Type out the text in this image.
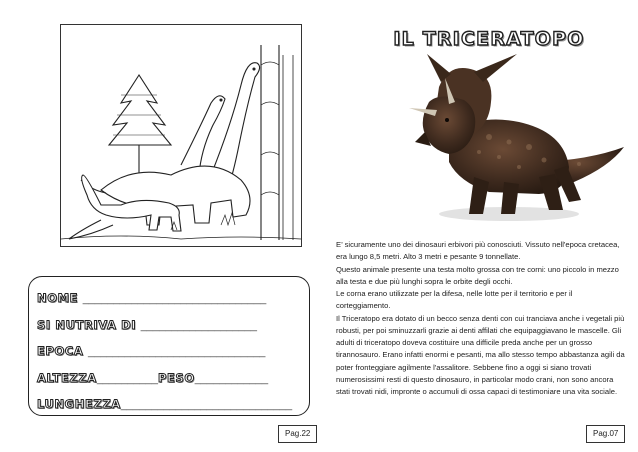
NOME ______________________________
SI NUTRIVA DI ___________________
EPOCA _____________________________
ALTEZZA__________PESO____________
LUNGHEZZA____________________________
Pag.22
IL TRICERATOPO

E’ sicuramente uno dei dinosauri erbivori più conosciuti. Vissuto nell'epoca cretacea, era lungo 8,5 metri. Alto 3 metri e pesante 9 tonnellate.

Questo animale presente una testa molto grossa con tre corni: uno piccolo in mezzo alla testa e due più lunghi sopra le orbite degli occhi.

Le corna erano utilizzate per la difesa, nelle lotte per il territorio e per il corteggiamento.

Il Triceratopo era dotato di un becco senza denti con cui tranciava anche i vegetali più robusti, per poi sminuzzarli grazie ai denti affilati che equipaggiavano le mascelle. Gli adulti di triceratopo doveva costituire una difficile preda anche per un grosso tirannosauro. Erano infatti enormi e pesanti, ma allo stesso tempo abbastanza agili da poter fronteggiare agilmente l'assalitore. Sebbene fino a oggi si siano trovati numerosissimi resti di questo dinosauro, in particolar modo crani, non sono ancora stati trovati nidi, impronte o accumuli di ossa capaci di testimoniare una vita sociale.

Pag.07
